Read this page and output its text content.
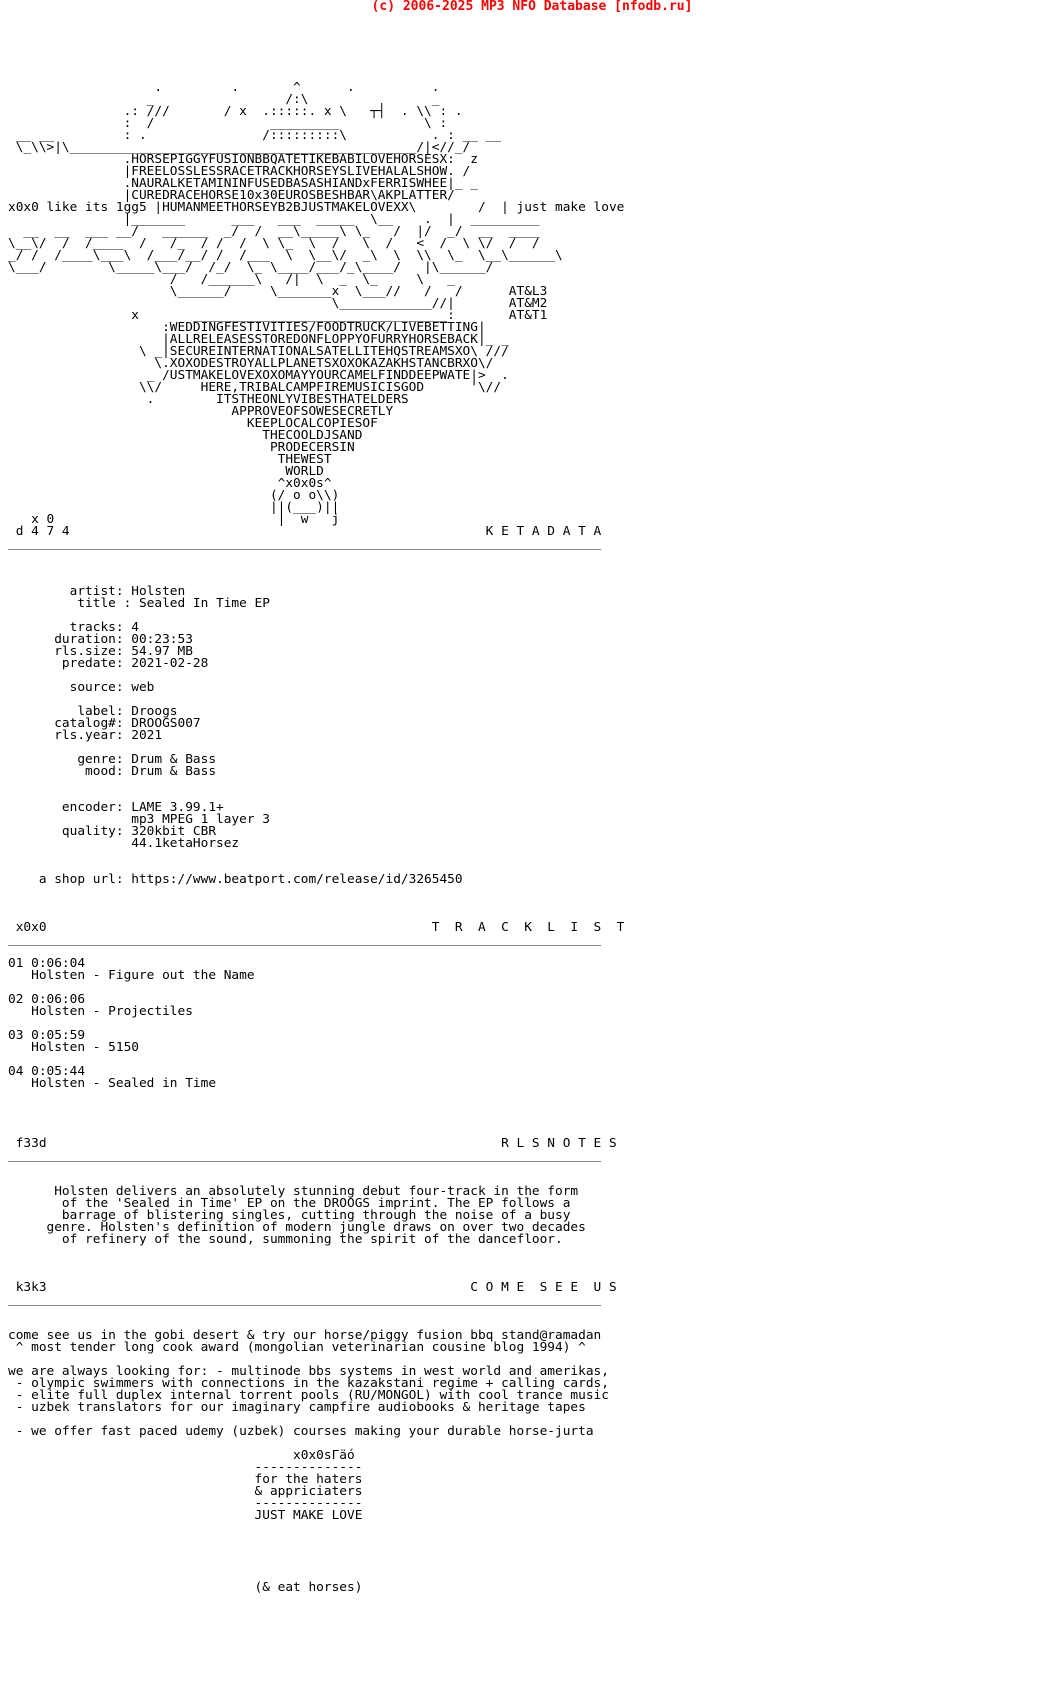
(c) 2006-2025 MP3 NFO Database [nfodb.ru]
.         .       ^      .          .
_                 /:\                _
.: ///       / x  .:::::. x \   ┬┤  . \\ : .
:  /               _________           \ :
__ __         : .               /:::::::::\           . : __ __
\_\\>|\_____________________________________________/|<//_/
.HORSEPIGGYFUSIONBBQATETIKEBABILOVEHORSESX:  z
|FREELOSSLESSRACETRACKHORSEYSLIVEHALALSHOW. /
.NAURALKETAMININFUSEDBASASHIANDxFERRISWHEE|_ _
|CUREDRACEHORSE10x30EUROSBESHBAR\AKPLATTER/
x0x0 like its 1gg5 |HUMANMEETHORSEYB2BJUSTMAKELOVEXX\        /  | just make love
|_______      ___   ___  _____  \__    .  |  _________
__  __  ___ __/   ______  _/  /  __\_____\ \_   /  |/  _/  __  ____
\__\/  /  /____  /   /_  / /  /  \ \_  \  /   \  /   <  /  \ \/  /  /
_/ /  /____\___\  /___/__/ /  /___  \  \__\/  _\  \  \\  \_  \__\______\
\___/        \_____\___/  /_/  \_ \____/___/_\____/   |\______/
/   /______\   /|  \  _  \_     \   _
\______/     \_______x  \___//   /   /      AT&L3
\____________//|       AT&M2
x       _________________________________:       AT&T1
:WEDDINGFESTIVITIES/FOODTRUCK/LIVEBETTING|
|ALLRELEASESSTOREDONFLOPPYOFURRYHORSEBACK|_ _
\ _|SECUREINTERNATIONALSATELLITEHQSTREAMSXO\ ///
\.XOXODESTROYALLPLANETSXOXOKAZAKHSTANCBRXO\/
_ /USTMAKELOVEXOXOMAYYOURCAMELFINDDEEPWATE|>  .
\\/     HERE,TRIBALCAMPFIREMUSICISGOD      '\//
.        ITSTHEONLYVIBESTHATELDERS
APPROVEOFSOWESECRETLY
KEEPLOCALCOPIESOF
THECOOLDJSAND
PRODECERSIN
THEWEST
WORLD
^x0x0s^
(/ o o\\)
||(___)||
x 0                             |  w   j
d 4 7 4                                                      K E T A D A T A
_____________________________________________________________________________

artist: Holsten
title : Sealed In Time EP

tracks: 4
duration: 00:23:53
rls.size: 54.97 MB
predate: 2021-02-28

source: web

label: Droogs
catalog#: DROOGS007
rls.year: 2021

genre: Drum & Bass
mood: Drum & Bass

encoder: LAME 3.99.1+
mp3 MPEG 1 layer 3
quality: 320kbit CBR
44.1ketaHorsez

a shop url: https://www.beatport.com/release/id/3265450

x0x0                                                  T  R  A  C  K  L  I  S  T
_____________________________________________________________________________

01 0:06:04
Holsten - Figure out the Name

02 0:06:06
Holsten - Projectiles

03 0:05:59
Holsten - 5150

04 0:05:44
Holsten - Sealed in Time

f33d                                                           R L S N O T E S
_____________________________________________________________________________

Holsten delivers an absolutely stunning debut four-track in the form
of the 'Sealed in Time' EP on the DROOGS imprint. The EP follows a
barrage of blistering singles, cutting through the noise of a busy
genre. Holsten's definition of modern jungle draws on over two decades
of refinery of the sound, summoning the spirit of the dancefloor.

k3k3                                                       C O M E  S E E  U S
_____________________________________________________________________________

come see us in the gobi desert & try our horse/piggy fusion bbq stand@ramadan
^ most tender long cook award (mongolian veterinarian cousine blog 1994) ^

we are always looking for: - multinode bbs systems in west world and amerikas,
- olympic swimmers with connections in the kazakstani regime + calling cards,
- elite full duplex internal torrent pools (RU/MONGOL) with cool trance music
- uzbek translators for our imaginary campfire audiobooks & heritage tapes

- we offer fast paced udemy (uzbek) courses making your durable horse-jurta

x0x0sГäó
--------------
for the haters
& appriciaters
--------------
JUST MAKE LOVE

(& eat horses)
